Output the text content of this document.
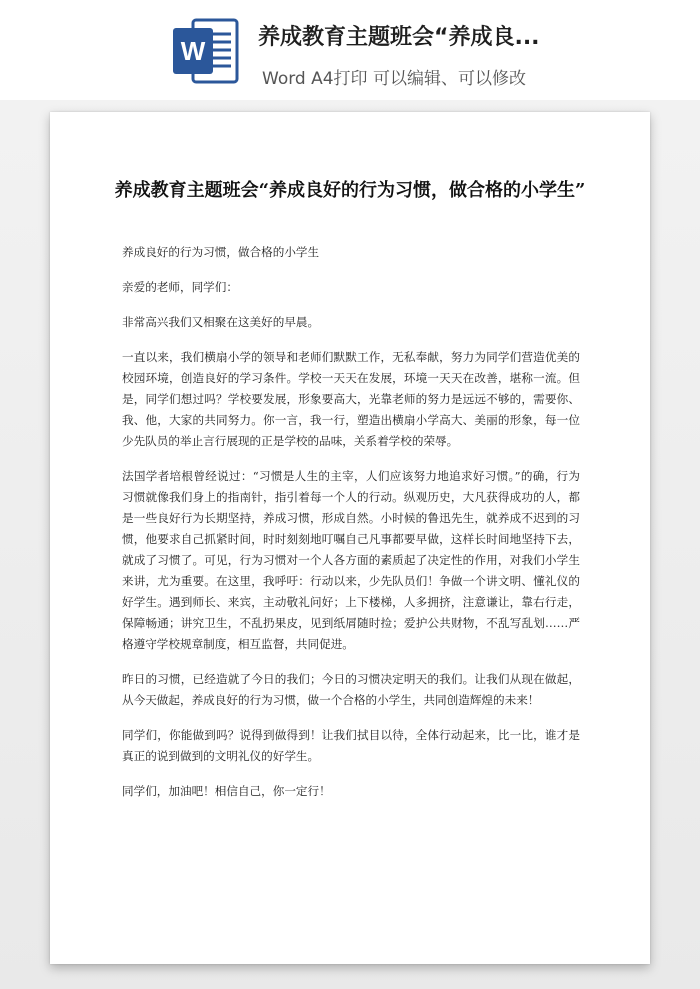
W 养成教育主题班会“养成良...
Word A4打印 可以编辑、可以修改
养成教育主题班会“养成良好的行为习惯，做合格的小学生”

养成良好的行为习惯，做合格的小学生

亲爱的老师，同学们：

非常高兴我们又相聚在这美好的早晨。

一直以来，我们横扇小学的领导和老师们默默工作，无私奉献，努力为同学们营造优美的校园环境，创造良好的学习条件。学校一天天在发展，环境一天天在改善，堪称一流。但是，同学们想过吗？学校要发展，形象要高大，光靠老师的努力是远远不够的，需要你、我、他，大家的共同努力。你一言，我一行，塑造出横扇小学高大、美丽的形象，每一位少先队员的举止言行展现的正是学校的品味，关系着学校的荣辱。

法国学者培根曾经说过：“习惯是人生的主宰，人们应该努力地追求好习惯。”的确，行为习惯就像我们身上的指南针，指引着每一个人的行动。纵观历史，大凡获得成功的人，都是一些良好行为长期坚持，养成习惯，形成自然。小时候的鲁迅先生，就养成不迟到的习惯，他要求自己抓紧时间，时时刻刻地叮嘱自己凡事都要早做，这样长时间地坚持下去，就成了习惯了。可见，行为习惯对一个人各方面的素质起了决定性的作用，对我们小学生来讲，尤为重要。在这里，我呼吁：行动以来，少先队员们！争做一个讲文明、懂礼仪的好学生。遇到师长、来宾，主动敬礼问好；上下楼梯，人多拥挤，注意谦让，靠右行走，保障畅通；讲究卫生，不乱扔果皮，见到纸屑随时捡；爱护公共财物，不乱写乱划……严格遵守学校规章制度，相互监督，共同促进。

昨日的习惯，已经造就了今日的我们；今日的习惯决定明天的我们。让我们从现在做起，从今天做起，养成良好的行为习惯，做一个合格的小学生，共同创造辉煌的未来！

同学们，你能做到吗？说得到做得到！让我们拭目以待，全体行动起来，比一比，谁才是真正的说到做到的文明礼仪的好学生。

同学们，加油吧！相信自己，你一定行！
